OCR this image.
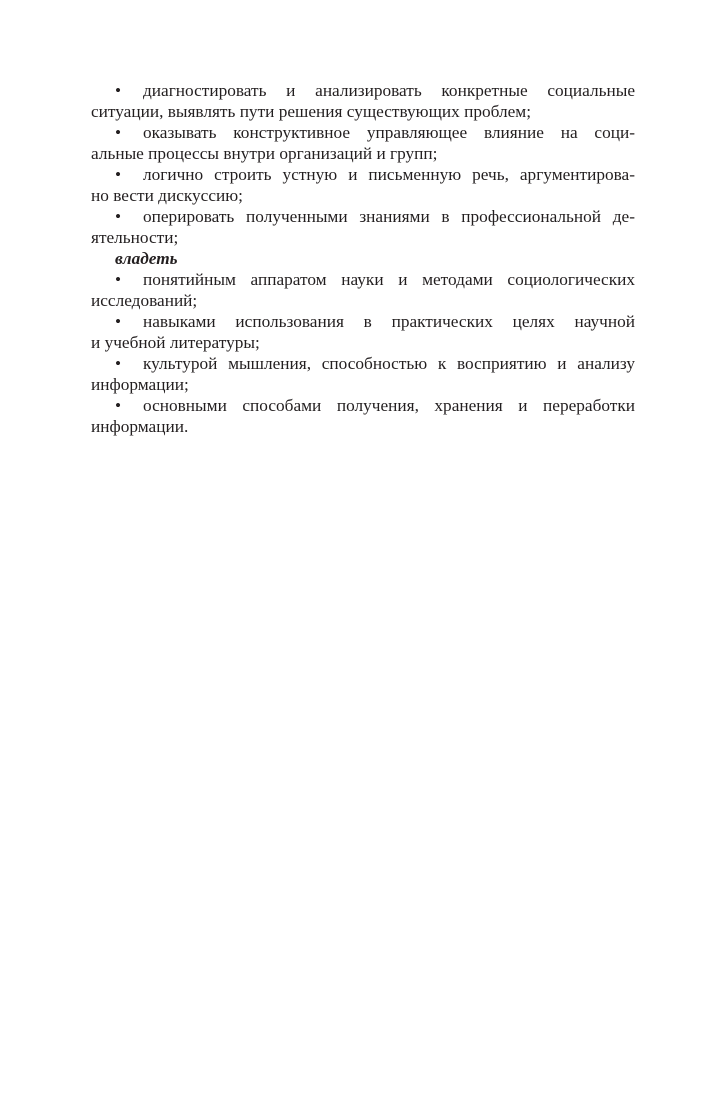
• диагностировать и анализировать конкретные социальные
ситуации, выявлять пути решения существующих проблем;
• оказывать конструктивное управляющее влияние на соци-
альные процессы внутри организаций и групп;
• логично строить устную и письменную речь, аргументирова-
но вести дискуссию;
• оперировать полученными знаниями в профессиональной де-
ятельности;
владеть
• понятийным аппаратом науки и методами социологических
исследований;
• навыками использования в практических целях научной
и учебной литературы;
• культурой мышления, способностью к восприятию и анализу
информации;
• основными способами получения, хранения и переработки
информации.
